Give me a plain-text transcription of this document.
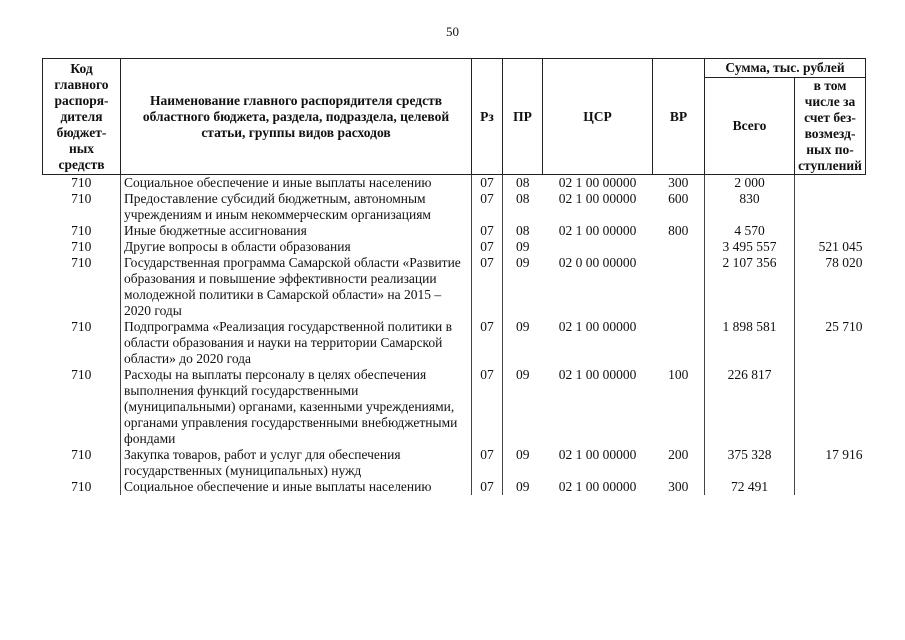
50
Код главного распоря-дителя бюджет-ных средств	Наименование главного распорядителя средств областного бюджета, раздела, подраздела, целевой статьи, группы видов расходов	Рз	ПР	ЦСР	ВР	Сумма, тыс. рублей	
						Всего	в том числе за счет без-возмезд-ных по-ступлений
710	Социальное обеспечение и иные выплаты населению	07	08	02 1 00 00000	300	2 000	
710	Предоставление субсидий бюджетным, автономным учреждениям и иным некоммерческим организациям	07	08	02 1 00 00000	600	830	
710	Иные бюджетные ассигнования	07	08	02 1 00 00000	800	4 570	
710	Другие вопросы в области образования	07	09			3 495 557	521 045
710	Государственная программа Самарской области «Развитие образования и повышение эффективности реализации молодежной политики в Самарской области» на 2015 – 2020 годы	07	09	02 0 00 00000		2 107 356	78 020
710	Подпрограмма «Реализация государственной политики в области образования и науки на территории Самарской области» до 2020 года	07	09	02 1 00 00000		1 898 581	25 710
710	Расходы на выплаты персоналу в целях обеспечения выполнения функций государственными (муниципальными) органами, казенными учреждениями, органами управления государственными внебюджетными фондами	07	09	02 1 00 00000	100	226 817	
710	Закупка товаров, работ и услуг для обеспечения государственных (муниципальных) нужд	07	09	02 1 00 00000	200	375 328	17 916
710	Социальное обеспечение и иные выплаты населению	07	09	02 1 00 00000	300	72 491	
